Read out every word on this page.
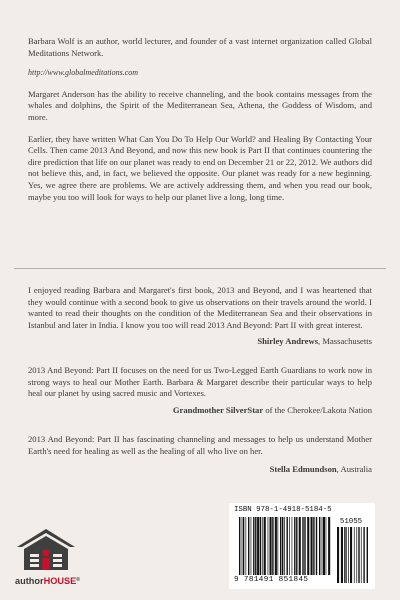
Barbara Wolf is an author, world lecturer, and founder of a vast internet organization called Global Meditations Network.

http://www.globalmeditations.com

Margaret Anderson has the ability to receive channeling, and the book contains messages from the whales and dolphins, the Spirit of the Mediterranean Sea, Athena, the Goddess of Wisdom, and more.

Earlier, they have written What Can You Do To Help Our World? and Healing By Contacting Your Cells. Then came 2013 And Beyond, and now this new book is Part II that continues countering the dire prediction that life on our planet was ready to end on December 21 or 22, 2012. We authors did not believe this, and, in fact, we believed the opposite. Our planet was ready for a new beginning. Yes, we agree there are problems. We are actively addressing them, and when you read our book, maybe you too will look for ways to help our planet live a long, long time.

I enjoyed reading Barbara and Margaret's first book, 2013 and Beyond, and I was heartened that they would continue with a second book to give us observations on their travels around the world. I wanted to read their thoughts on the condition of the Mediterranean Sea and their observations in Istanbul and later in India. I know you too will read 2013 And Beyond: Part II with great interest.

Shirley Andrews, Massachusetts

2013 And Beyond: Part II focuses on the need for us Two-Legged Earth Guardians to work now in strong ways to heal our Mother Earth. Barbara & Margaret describe their particular ways to help heal our planet by using sacred music and Vortexes.

Grandmother SilverStar of the Cherokee/Lakota Nation

2013 And Beyond: Part II has fascinating channeling and messages to help us understand Mother Earth's need for healing as well as the healing of all who live on her.

Stella Edmundson, Australia
authorHOUSE®
ISBN 978-1-4918-5184-5
51055
9 781491 851845
